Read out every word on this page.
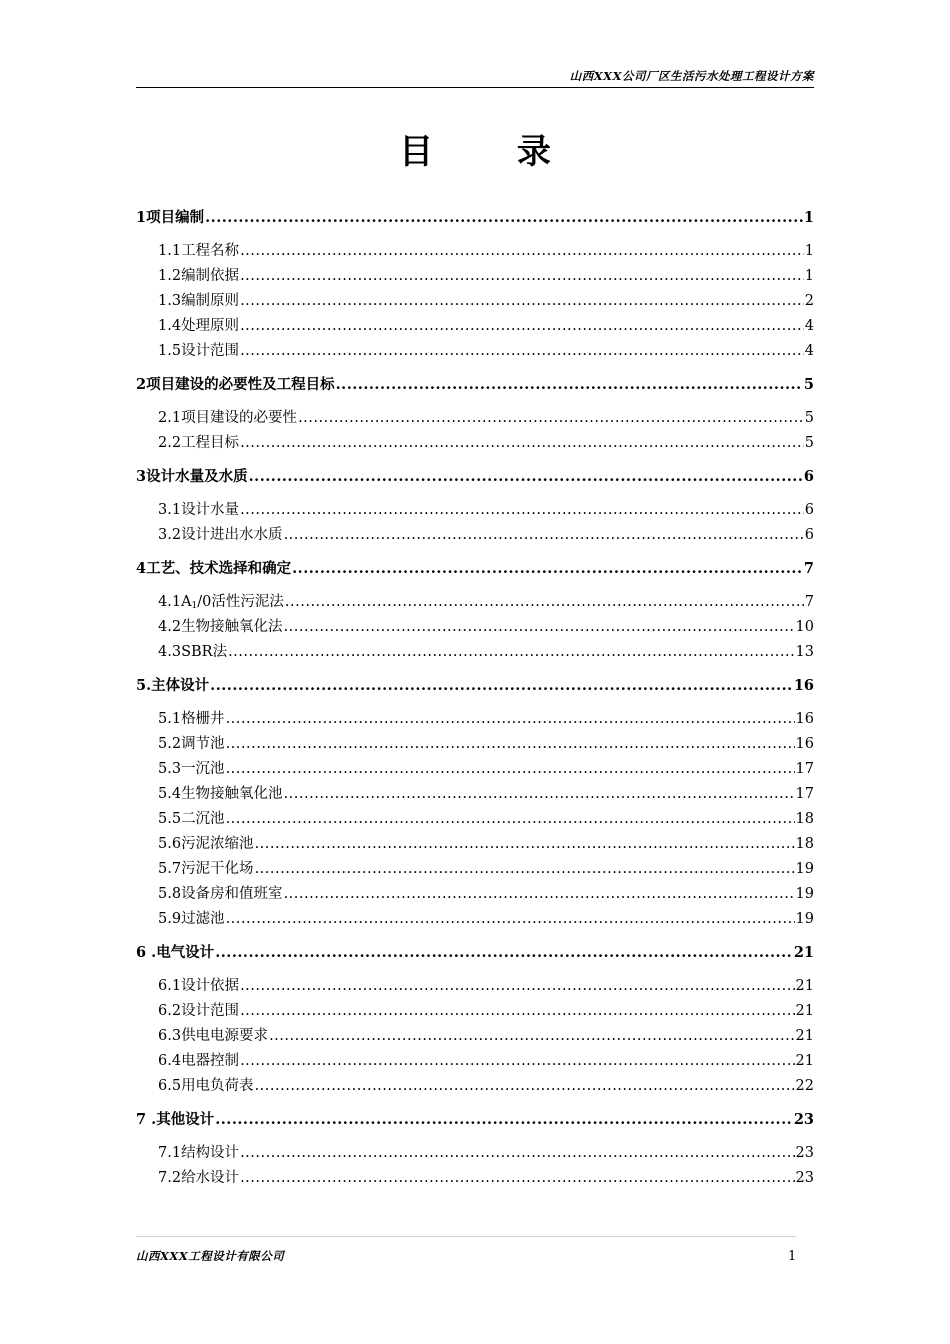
山西XXX公司厂区生活污水处理工程设计方案
目 录
1 项目编制 .....	1
1.1 工程名称 .....	1
1.2 编制依据 .....	1
1.3 编制原则 .....	2
1.4 处理原则 .....	4
1.5 设计范围 .....	4
2 项目建设的必要性及工程目标 .....	5
2.1 项目建设的必要性 .....	5
2.2 工程目标 .....	5
3 设计水量及水质 .....	6
3.1 设计水量 .....	6
3.2 设计进出水水质 .....	6
4 工艺、技术选择和确定 .....	7
4.1 $A_1/0$活性污泥法 .....	7
4.2 生物接触氧化法 .....	10
4.3 SBR法 .....	13
5. 主体设计 .....	16
5.1 格栅井 .....	16
5.2 调节池 .....	16
5.3 一沉池 .....	17
5.4 生物接触氧化池 .....	17
5.5 二沉池 .....	18
5.6 污泥浓缩池 .....	18
5.7 污泥干化场 .....	19
5.8 设备房和值班室 .....	19
5.9 过滤池 .....	19
6 . 电气设计 .....	21
6.1 设计依据 .....	21
6.2 设计范围 .....	21
6.3 供电电源要求 .....	21
6.4 电器控制 .....	21
6.5 用电负荷表 .....	22
7 . 其他设计 .....	23
7.1 结构设计 .....	23
7.2 给水设计 .....	23
山西XXX工程设计有限公司	1
